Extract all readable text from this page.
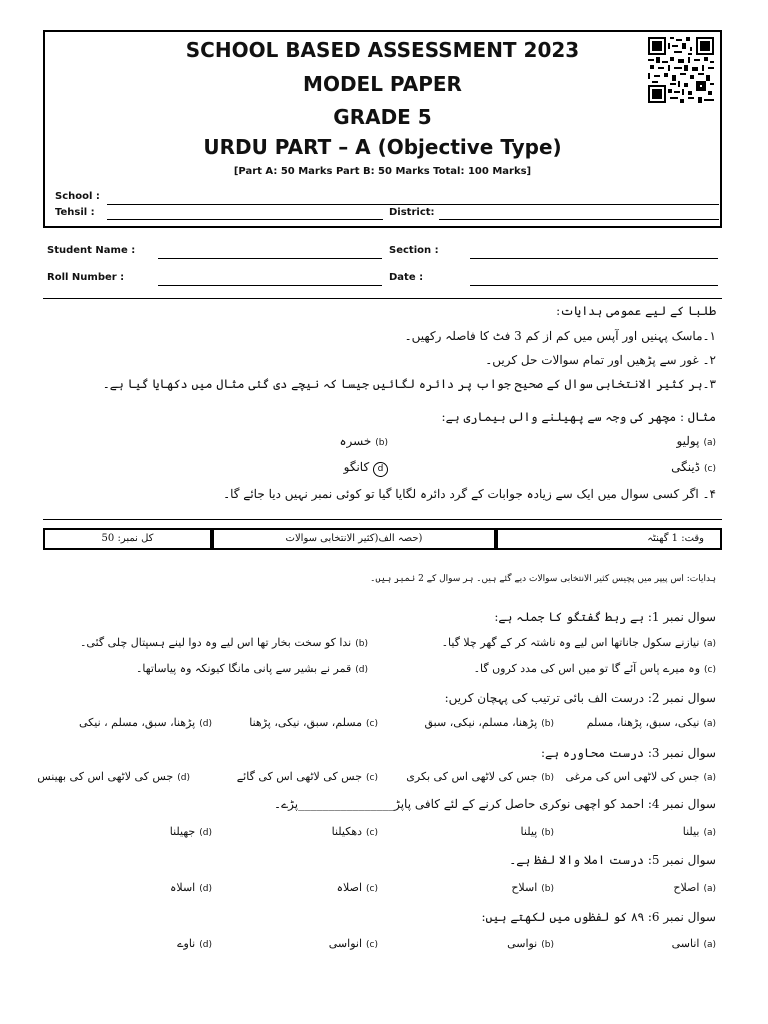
SCHOOL BASED ASSESSMENT 2023
MODEL PAPER
GRADE 5
URDU PART – A (Objective Type)
[Part A: 50 Marks Part B: 50 Marks Total: 100 Marks]
School :
Tehsil :	District:
Student Name :	Section :
Roll Number :	Date :
طلبا کے لیے عمومی ہدایات:
۱۔ماسک پہنیں اور آپس میں کم از کم 3 فٹ کا فاصلہ رکھیں۔
۲۔ غور سے پڑھیں اور تمام سوالات حل کریں۔
۳۔ہر کثیر الانتخابی سوال کے صحیح جواب پر دائرہ لگائیں جیسا کہ نیچے دی گئی مثال میں دکھایا گیا ہے۔
مثال : مچھر کی وجہ سے پھیلنے والی بیماری ہے:
(a)پولیو
(b)خسرہ
(c)ڈینگی
d کانگو
۴۔ اگر کسی سوال میں ایک سے زیادہ جوابات کے گرد دائرہ لگایا گیا تو کوئی نمبر نہیں دیا جائے گا۔
وقت: 1 گھنٹہ
(حصہ الف(کثیر الانتخابی سوالات
کل نمبر: 50
ہدایات: اس پیپر میں پچیس کثیر الانتخابی سوالات دیے گئے ہیں۔ ہر سوال کے 2 نمبر ہیں۔
سوال نمبر 1: بے ربط گفتگو کا جملہ ہے:
(a)نیازنے سکول جاناتھا اس لیے وہ ناشتہ کر کے گھر چلا گیا۔
(b)ندا کو سخت بخار تھا اس لیے وہ دوا لینے ہسپتال چلی گئی۔
(c)وہ میرے پاس آئے گا تو میں اس کی مدد کروں گا۔
(d)قمر نے بشیر سے پانی مانگا کیونکہ وہ پیاساتھا۔
سوال نمبر 2: درست الف بائی ترتیب کی پہچان کریں:
(a)نیکی، سبق، پڑھنا، مسلم
(b)پڑھنا، مسلم، نیکی، سبق
(c)مسلم، سبق، نیکی، پڑھنا
(d)پڑھنا، سبق، مسلم ، نیکی
سوال نمبر 3: درست محاورہ ہے:
(a)جس کی لاٹھی اس کی مرغی
(b)جس کی لاٹھی اس کی بکری
(c)جس کی لاٹھی اس کی گائے
(d)جس کی لاٹھی اس کی بھینس
سوال نمبر 4: احمد کو اچھی نوکری حاصل کرنے کے لئے کافی پاپڑ________________پڑے۔
(a)بیلنا
(b)پیلنا
(c)دھکیلنا
(d)جھیلنا
سوال نمبر 5: درست املا والا لفظ ہے۔
(a)اصلاح
(b)اسلاح
(c)اصلاہ
(d)اسلاہ
سوال نمبر 6: ۸۹ کو لفظوں میں لکھتے ہیں:
(a)اناسی
(b)نواسی
(c)انواسی
(d)ناوے
